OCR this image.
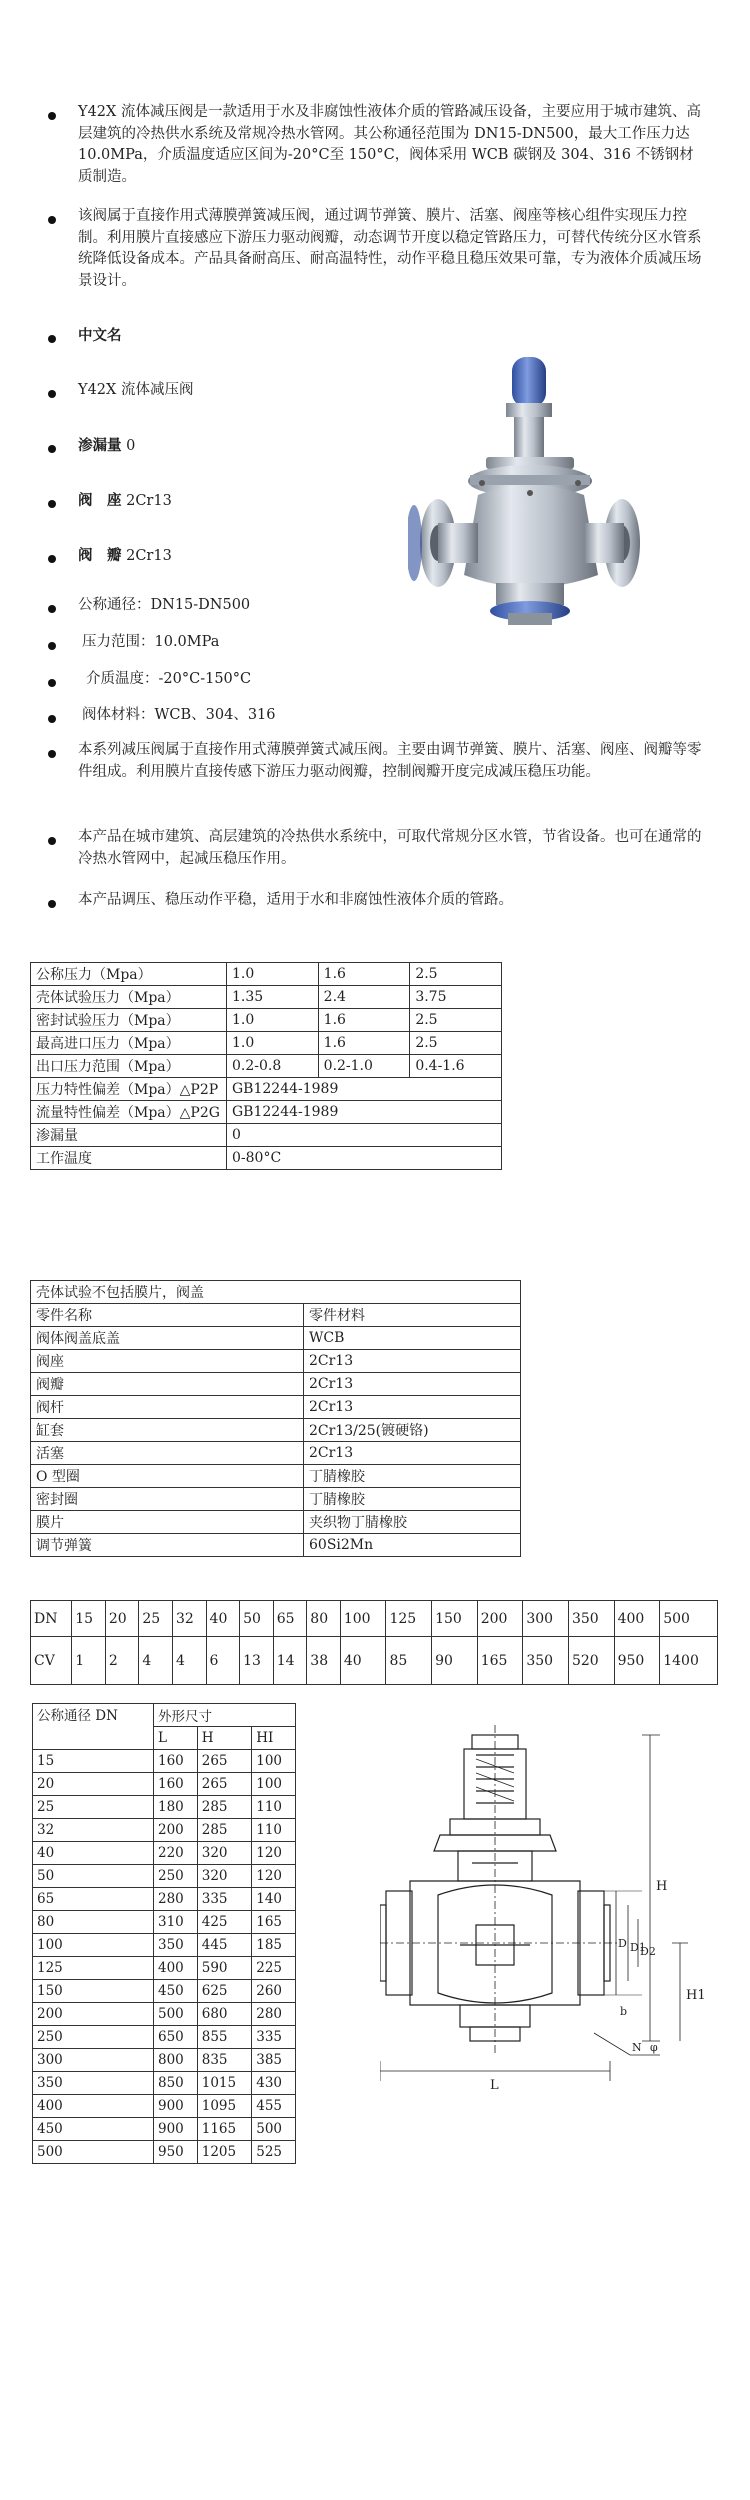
Y42X 流体减压阀是一款适用于水及非腐蚀性液体介质的管路减压设备，主要应用于城市建筑、高层建筑的冷热供水系统及常规冷热水管网。其公称通径范围为 DN15-DN500，最大工作压力达 10.0MPa，介质温度适应区间为-20°C至 150°C，阀体采用 WCB 碳钢及 304、316 不锈钢材质制造。
该阀属于直接作用式薄膜弹簧减压阀，通过调节弹簧、膜片、活塞、阀座等核心组件实现压力控制。利用膜片直接感应下游压力驱动阀瓣，动态调节开度以稳定管路压力，可替代传统分区水管系统降低设备成本。产品具备耐高压、耐高温特性，动作平稳且稳压效果可靠，专为液体介质减压场景设计。
中文名
Y42X 流体减压阀
渗漏量 0
阀　座 2Cr13
阀　瓣 2Cr13
公称通径：DN15-DN500
压力范围：10.0MPa
介质温度：-20°C-150°C
阀体材料：WCB、304、316
本系列减压阀属于直接作用式薄膜弹簧式减压阀。主要由调节弹簧、膜片、活塞、阀座、阀瓣等零件组成。利用膜片直接传感下游压力驱动阀瓣，控制阀瓣开度完成减压稳压功能。
本产品在城市建筑、高层建筑的冷热供水系统中，可取代常规分区水管，节省设备。也可在通常的冷热水管网中，起减压稳压作用。
本产品调压、稳压动作平稳，适用于水和非腐蚀性液体介质的管路。
公称压力（Mpa）	1.0	1.6	2.5
壳体试验压力（Mpa）	1.35	2.4	3.75
密封试验压力（Mpa）	1.0	1.6	2.5
最高进口压力（Mpa）	1.0	1.6	2.5
出口压力范围（Mpa）	0.2-0.8	0.2-1.0	0.4-1.6
压力特性偏差（Mpa）△P2P	GB12244-1989		
流量特性偏差（Mpa）△P2G	GB12244-1989		
渗漏量	0		
工作温度	0-80°C		
壳体试验不包括膜片，阀盖	
零件名称	零件材料
阀体阀盖底盖	WCB
阀座	2Cr13
阀瓣	2Cr13
阀杆	2Cr13
缸套	2Cr13/25(镀硬铬)
活塞	2Cr13
O 型圈	丁腈橡胶
密封圈	丁腈橡胶
膜片	夹织物丁腈橡胶
调节弹簧	60Si2Mn
DN	15	20	25	32	40	50	65	80	100	125	150	200	300	350	400	500
CV	1	2	4	4	6	13	14	38	40	85	90	165	350	520	950	1400
公称通径 DN	外形尺寸		
	L	H	HI
15	160	265	100
20	160	265	100
25	180	285	110
32	200	285	110
40	220	320	120
50	250	320	120
65	280	335	140
80	310	425	165
100	350	445	185
125	400	590	225
150	450	625	260
200	500	680	280
250	650	855	335
300	800	835	385
350	850	1015	430
400	900	1095	455
450	900	1165	500
500	950	1205	525
H
H1
L
D D1
D2
b
N φ
